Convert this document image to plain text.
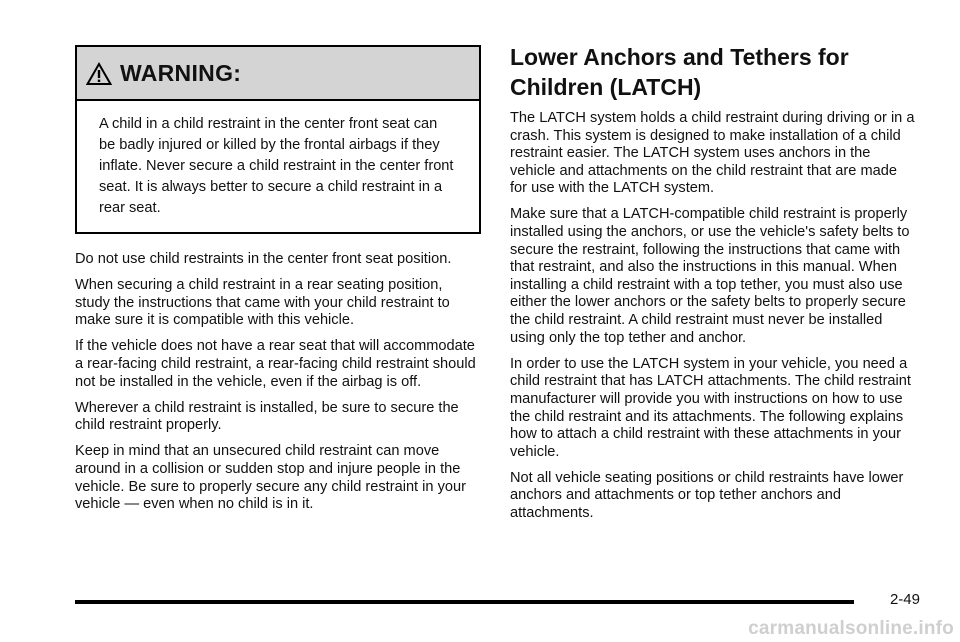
WARNING:
A child in a child restraint in the center front seat can be badly injured or killed by the frontal airbags if they inflate. Never secure a child restraint in the center front seat. It is always better to secure a child restraint in a rear seat.

Do not use child restraints in the center front seat position.

When securing a child restraint in a rear seating position, study the instructions that came with your child restraint to make sure it is compatible with this vehicle.

If the vehicle does not have a rear seat that will accommodate a rear-facing child restraint, a rear-facing child restraint should not be installed in the vehicle, even if the airbag is off.

Wherever a child restraint is installed, be sure to secure the child restraint properly.

Keep in mind that an unsecured child restraint can move around in a collision or sudden stop and injure people in the vehicle. Be sure to properly secure any child restraint in your vehicle — even when no child is in it.

Lower Anchors and Tethers for Children (LATCH)

The LATCH system holds a child restraint during driving or in a crash. This system is designed to make installation of a child restraint easier. The LATCH system uses anchors in the vehicle and attachments on the child restraint that are made for use with the LATCH system.

Make sure that a LATCH-compatible child restraint is properly installed using the anchors, or use the vehicle's safety belts to secure the restraint, following the instructions that came with that restraint, and also the instructions in this manual. When installing a child restraint with a top tether, you must also use either the lower anchors or the safety belts to properly secure the child restraint. A child restraint must never be installed using only the top tether and anchor.

In order to use the LATCH system in your vehicle, you need a child restraint that has LATCH attachments. The child restraint manufacturer will provide you with instructions on how to use the child restraint and its attachments. The following explains how to attach a child restraint with these attachments in your vehicle.

Not all vehicle seating positions or child restraints have lower anchors and attachments or top tether anchors and attachments.

2-49
carmanualsonline.info
